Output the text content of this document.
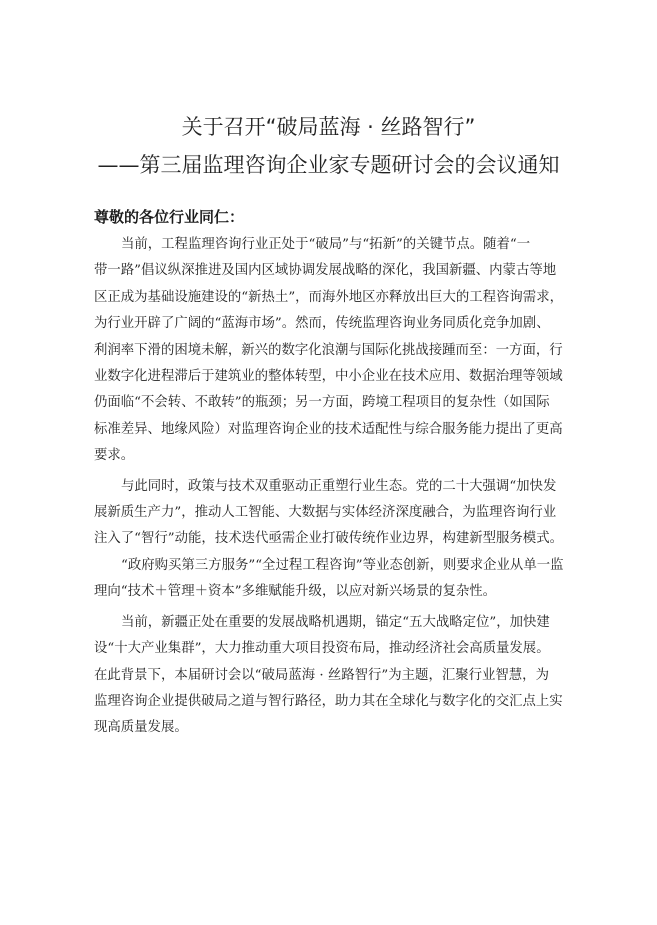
关于召开“破局蓝海 · 丝路智行”
——第三届监理咨询企业家专题研讨会的会议通知
尊敬的各位行业同仁：
当前，工程监理咨询行业正处于“破局”与“拓新”的关键节点。随着“一
带一路”倡议纵深推进及国内区域协调发展战略的深化，我国新疆、内蒙古等地
区正成为基础设施建设的“新热土”，而海外地区亦释放出巨大的工程咨询需求，
为行业开辟了广阔的“蓝海市场”。然而，传统监理咨询业务同质化竞争加剧、
利润率下滑的困境未解，新兴的数字化浪潮与国际化挑战接踵而至：一方面，行
业数字化进程滞后于建筑业的整体转型，中小企业在技术应用、数据治理等领域
仍面临“不会转、不敢转”的瓶颈；另一方面，跨境工程项目的复杂性（如国际
标准差异、地缘风险）对监理咨询企业的技术适配性与综合服务能力提出了更高
要求。
与此同时，政策与技术双重驱动正重塑行业生态。党的二十大强调“加快发
展新质生产力”，推动人工智能、大数据与实体经济深度融合，为监理咨询行业
注入了“智行”动能，技术迭代亟需企业打破传统作业边界，构建新型服务模式。
“政府购买第三方服务”“全过程工程咨询”等业态创新，则要求企业从单一监
理向“技术＋管理＋资本”多维赋能升级，以应对新兴场景的复杂性。
当前，新疆正处在重要的发展战略机遇期，锚定“五大战略定位”，加快建
设“十大产业集群”，大力推动重大项目投资布局，推动经济社会高质量发展。
在此背景下，本届研讨会以“破局蓝海 · 丝路智行”为主题，汇聚行业智慧，为
监理咨询企业提供破局之道与智行路径，助力其在全球化与数字化的交汇点上实
现高质量发展。
